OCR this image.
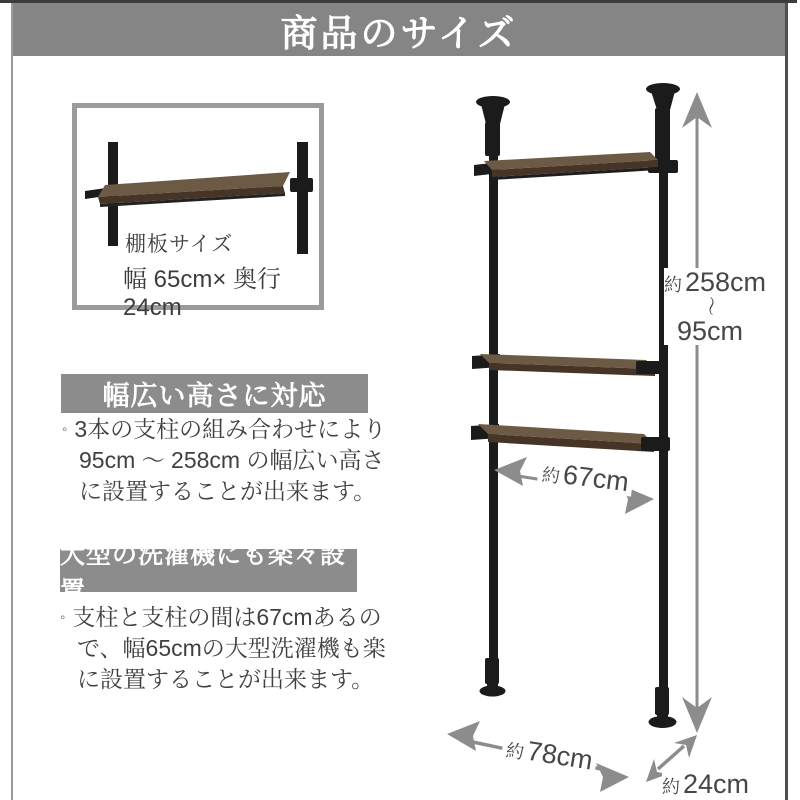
商品のサイズ
棚板サイズ
幅 65cm× 奥行 24cm
幅広い高さに対応
◦ 3本の支柱の組み合わせにより
95cm ～ 258cm の幅広い高さ
に設置することが出来ます。
大型の洗濯機にも楽々設置
◦ 支柱と支柱の間は67cmあるの
で、幅65cmの大型洗濯機も楽
に設置することが出来ます。
約 258cm
～
95cm
約67cm
約78cm
約 24cm
